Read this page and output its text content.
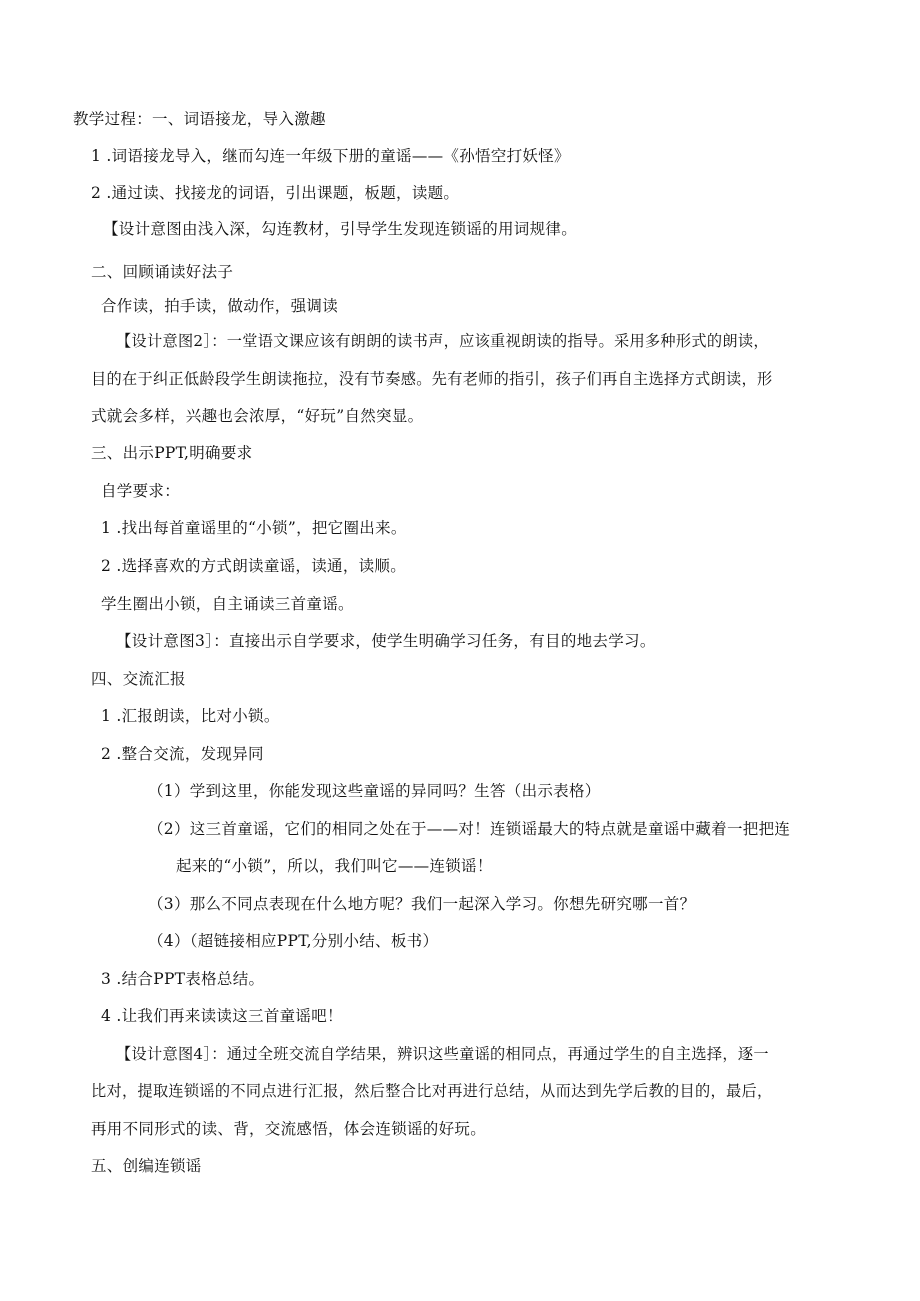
教学过程：一、词语接龙，导入激趣
1 .词语接龙导入，继而勾连一年级下册的童谣——《孙悟空打妖怪》
2 .通过读、找接龙的词语，引出课题，板题，读题。
【设计意图由浅入深，勾连教材，引导学生发现连锁谣的用词规律。
二、回顾诵读好法子
合作读，拍手读，做动作，强调读
【设计意图2］：一堂语文课应该有朗朗的读书声，应该重视朗读的指导。采用多种形式的朗读，
目的在于纠正低龄段学生朗读拖拉，没有节奏感。先有老师的指引，孩子们再自主选择方式朗读，形
式就会多样，兴趣也会浓厚，“好玩”自然突显。
三、出示PPT,明确要求
自学要求：
1 .找出每首童谣里的“小锁”，把它圈出来。
2 .选择喜欢的方式朗读童谣，读通，读顺。
学生圈出小锁，自主诵读三首童谣。
【设计意图3］：直接出示自学要求，使学生明确学习任务，有目的地去学习。
四、交流汇报
1 .汇报朗读，比对小锁。
2 .整合交流，发现异同
（1）学到这里，你能发现这些童谣的异同吗？生答（出示表格）
（2）这三首童谣，它们的相同之处在于——对！连锁谣最大的特点就是童谣中藏着一把把连
起来的“小锁”，所以，我们叫它——连锁谣！
（3）那么不同点表现在什么地方呢？我们一起深入学习。你想先研究哪一首？
（4）（超链接相应PPT,分别小结、板书）
3 .结合PPT表格总结。
4 .让我们再来读读这三首童谣吧！
【设计意图4］：通过全班交流自学结果，辨识这些童谣的相同点，再通过学生的自主选择，逐一
比对，提取连锁谣的不同点进行汇报，然后整合比对再进行总结，从而达到先学后教的目的，最后，
再用不同形式的读、背，交流感悟，体会连锁谣的好玩。
五、创编连锁谣
